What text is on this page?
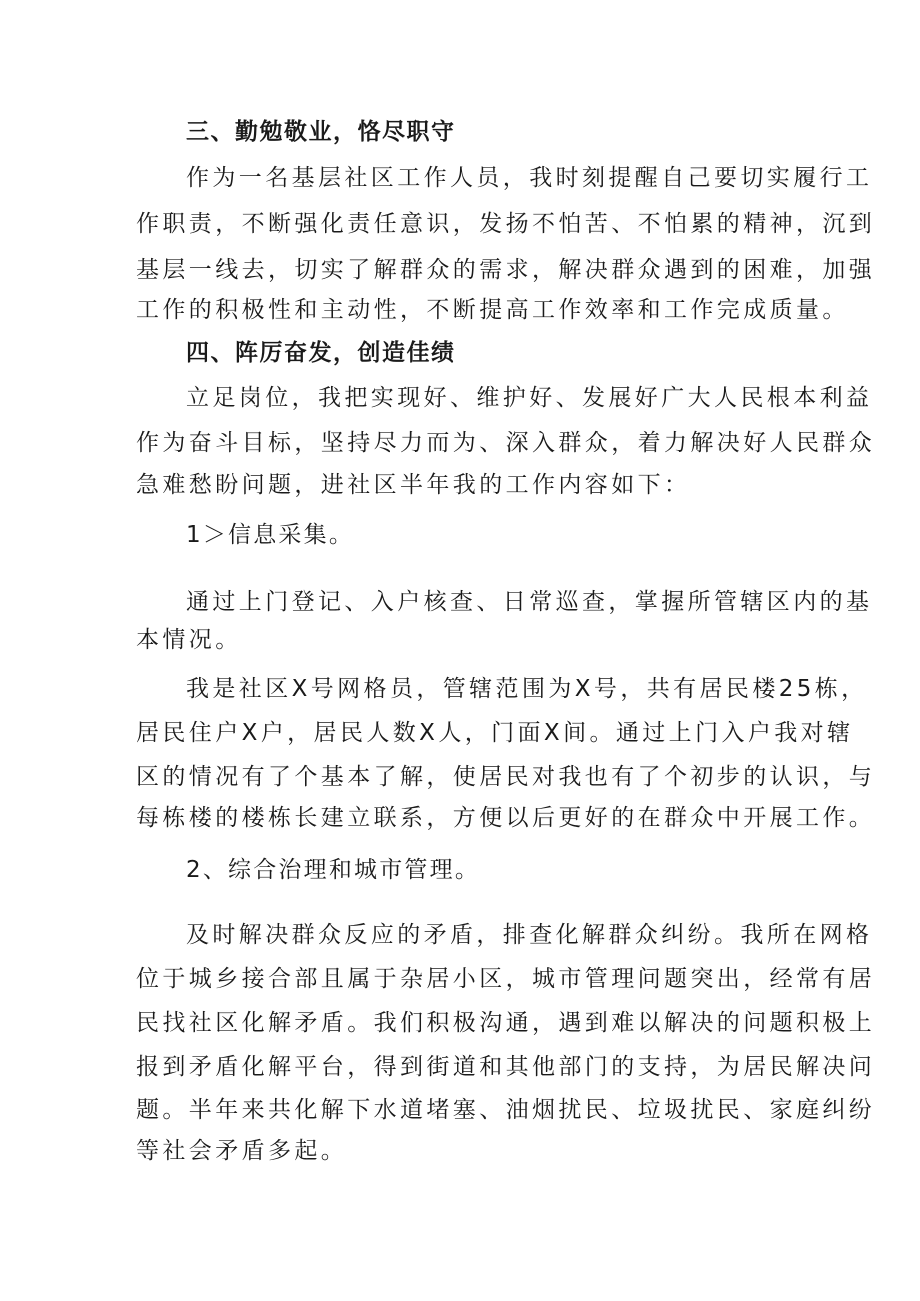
三、勤勉敬业，恪尽职守
作为一名基层社区工作人员，我时刻提醒自己要切实履行工
作职责，不断强化责任意识，发扬不怕苦、不怕累的精神，沉到
基层一线去，切实了解群众的需求，解决群众遇到的困难，加强
工作的积极性和主动性，不断提高工作效率和工作完成质量。
四、阵厉奋发，创造佳绩
立足岗位，我把实现好、维护好、发展好广大人民根本利益
作为奋斗目标，坚持尽力而为、深入群众，着力解决好人民群众
急难愁盼问题，进社区半年我的工作内容如下：
1＞信息采集。
通过上门登记、入户核查、日常巡查，掌握所管辖区内的基
本情况。
我是社区X号网格员，管辖范围为X号，共有居民楼25栋，
居民住户X户，居民人数X人，门面X间。通过上门入户我对辖
区的情况有了个基本了解，使居民对我也有了个初步的认识，与
每栋楼的楼栋长建立联系，方便以后更好的在群众中开展工作。
2、综合治理和城市管理。
及时解决群众反应的矛盾，排查化解群众纠纷。我所在网格
位于城乡接合部且属于杂居小区，城市管理问题突出，经常有居
民找社区化解矛盾。我们积极沟通，遇到难以解决的问题积极上
报到矛盾化解平台，得到街道和其他部门的支持，为居民解决问
题。半年来共化解下水道堵塞、油烟扰民、垃圾扰民、家庭纠纷
等社会矛盾多起。
